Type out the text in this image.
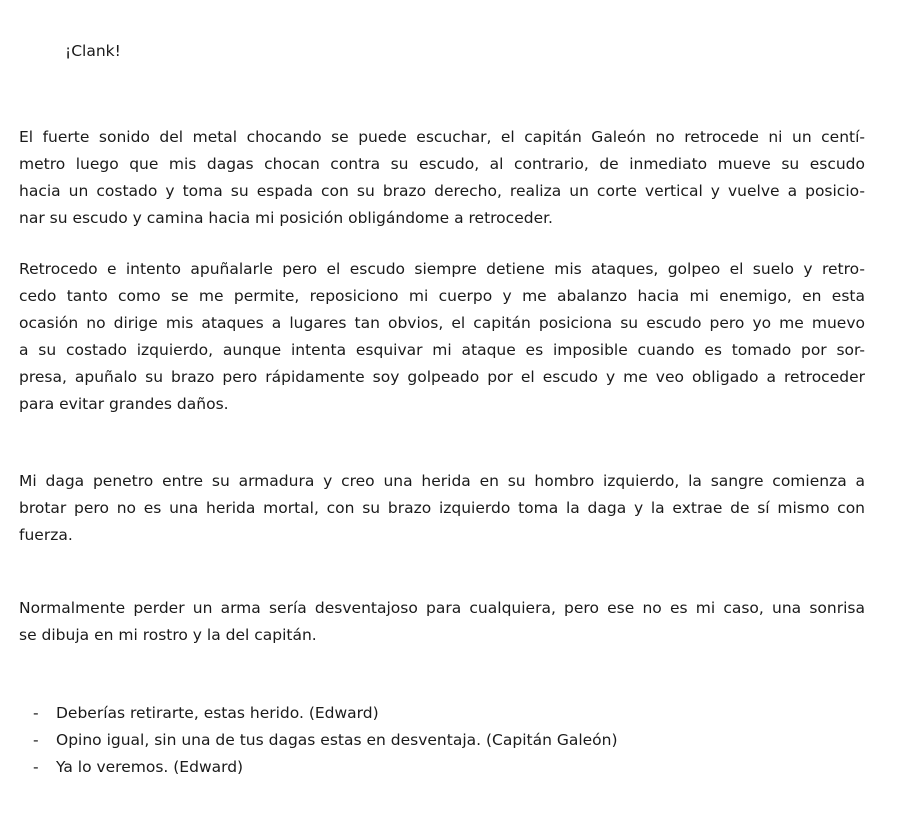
¡Clank!
El fuerte sonido del metal chocando se puede escuchar, el capitán Galeón no retrocede ni un centí-
metro luego que mis dagas chocan contra su escudo, al contrario, de inmediato mueve su escudo
hacia un costado y toma su espada con su brazo derecho, realiza un corte vertical y vuelve a posicio-
nar su escudo y camina hacia mi posición obligándome a retroceder.
Retrocedo e intento apuñalarle pero el escudo siempre detiene mis ataques, golpeo el suelo y retro-
cedo tanto como se me permite, reposiciono mi cuerpo y me abalanzo hacia mi enemigo, en esta
ocasión no dirige mis ataques a lugares tan obvios, el capitán posiciona su escudo pero yo me muevo
a su costado izquierdo, aunque intenta esquivar mi ataque es imposible cuando es tomado por sor-
presa, apuñalo su brazo pero rápidamente soy golpeado por el escudo y me veo obligado a retroceder
para evitar grandes daños.
Mi daga penetro entre su armadura y creo una herida en su hombro izquierdo, la sangre comienza a
brotar pero no es una herida mortal, con su brazo izquierdo toma la daga y la extrae de sí mismo con
fuerza.
Normalmente perder un arma sería desventajoso para cualquiera, pero ese no es mi caso, una sonrisa
se dibuja en mi rostro y la del capitán.
- Deberías retirarte, estas herido. (Edward)
- Opino igual, sin una de tus dagas estas en desventaja. (Capitán Galeón)
- Ya lo veremos. (Edward)
